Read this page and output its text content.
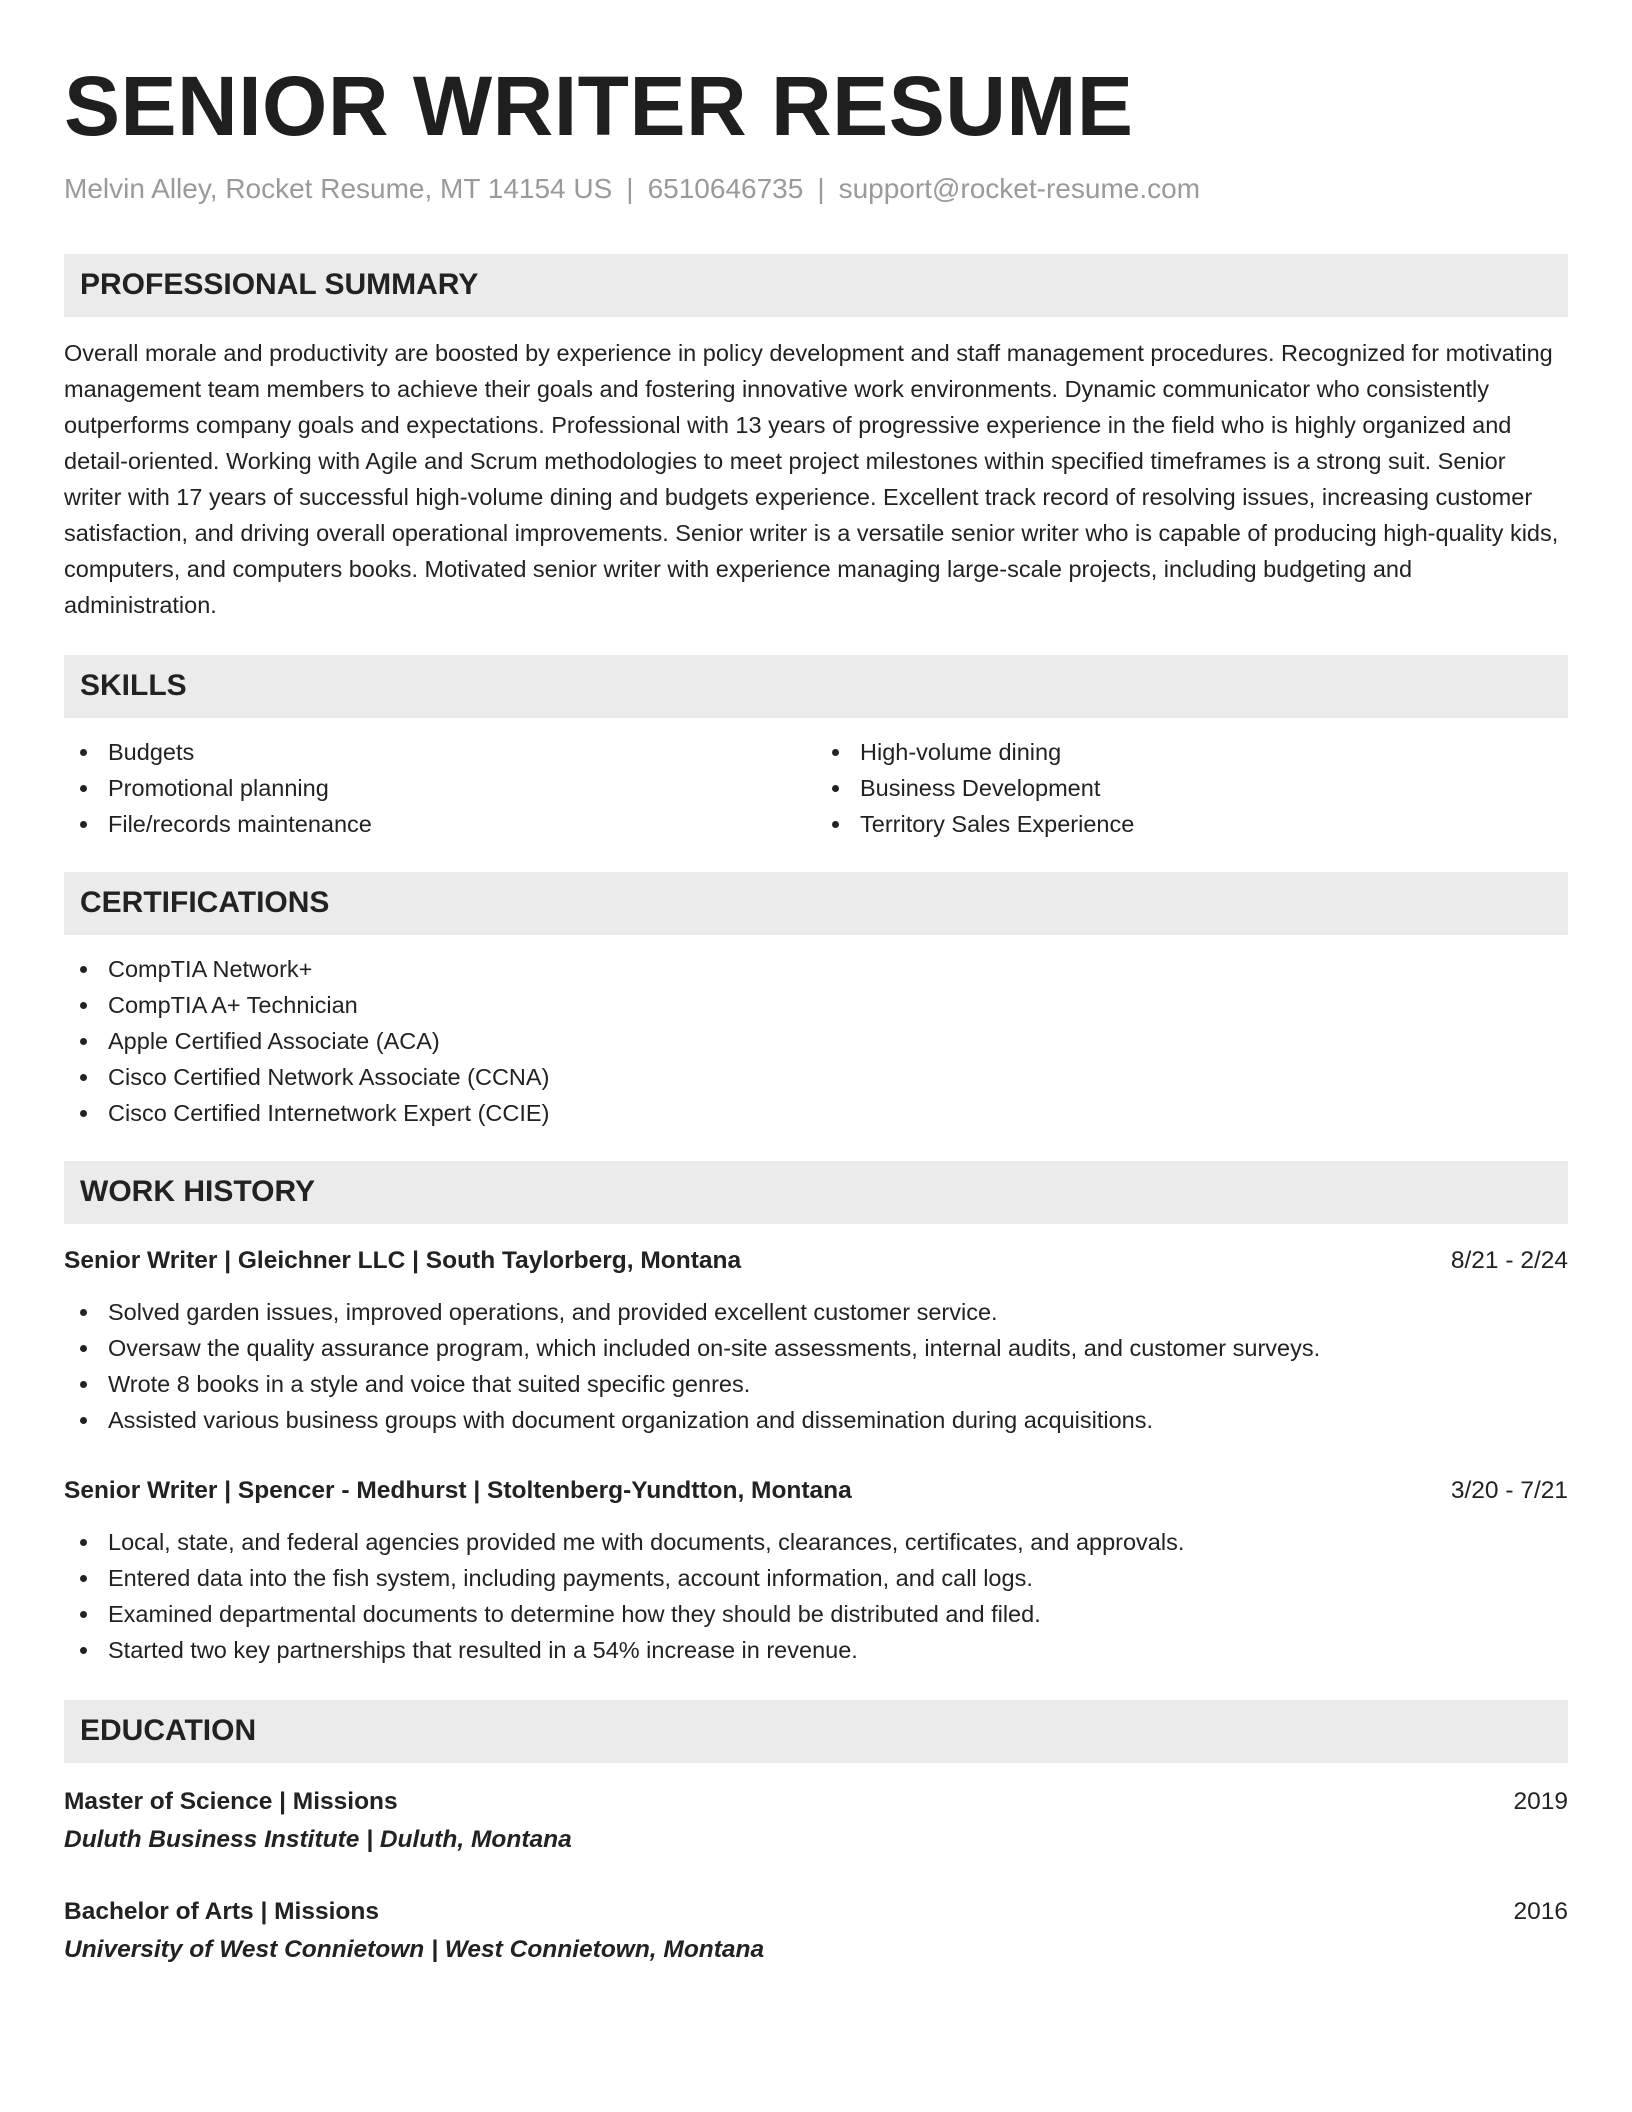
SENIOR WRITER RESUME
Melvin Alley, Rocket Resume, MT 14154 US | 6510646735 | support@rocket-resume.com
PROFESSIONAL SUMMARY

Overall morale and productivity are boosted by experience in policy development and staff management procedures. Recognized for motivating management team members to achieve their goals and fostering innovative work environments. Dynamic communicator who consistently outperforms company goals and expectations. Professional with 13 years of progressive experience in the field who is highly organized and detail-oriented. Working with Agile and Scrum methodologies to meet project milestones within specified timeframes is a strong suit. Senior writer with 17 years of successful high-volume dining and budgets experience. Excellent track record of resolving issues, increasing customer satisfaction, and driving overall operational improvements. Senior writer is a versatile senior writer who is capable of producing high-quality kids, computers, and computers books. Motivated senior writer with experience managing large-scale projects, including budgeting and administration.

SKILLS
Budgets
Promotional planning
File/records maintenance
High-volume dining
Business Development
Territory Sales Experience
CERTIFICATIONS
CompTIA Network+
CompTIA A+ Technician
Apple Certified Associate (ACA)
Cisco Certified Network Associate (CCNA)
Cisco Certified Internetwork Expert (CCIE)
WORK HISTORY
Senior Writer | Gleichner LLC | South Taylorberg, Montana	8/21 - 2/24
Solved garden issues, improved operations, and provided excellent customer service.
Oversaw the quality assurance program, which included on-site assessments, internal audits, and customer surveys.
Wrote 8 books in a style and voice that suited specific genres.
Assisted various business groups with document organization and dissemination during acquisitions.
Senior Writer | Spencer - Medhurst | Stoltenberg-Yundtton, Montana	3/20 - 7/21
Local, state, and federal agencies provided me with documents, clearances, certificates, and approvals.
Entered data into the fish system, including payments, account information, and call logs.
Examined departmental documents to determine how they should be distributed and filed.
Started two key partnerships that resulted in a 54% increase in revenue.
EDUCATION
Master of Science | Missions	2019
Duluth Business Institute | Duluth, Montana
Bachelor of Arts | Missions	2016
University of West Connietown | West Connietown, Montana
